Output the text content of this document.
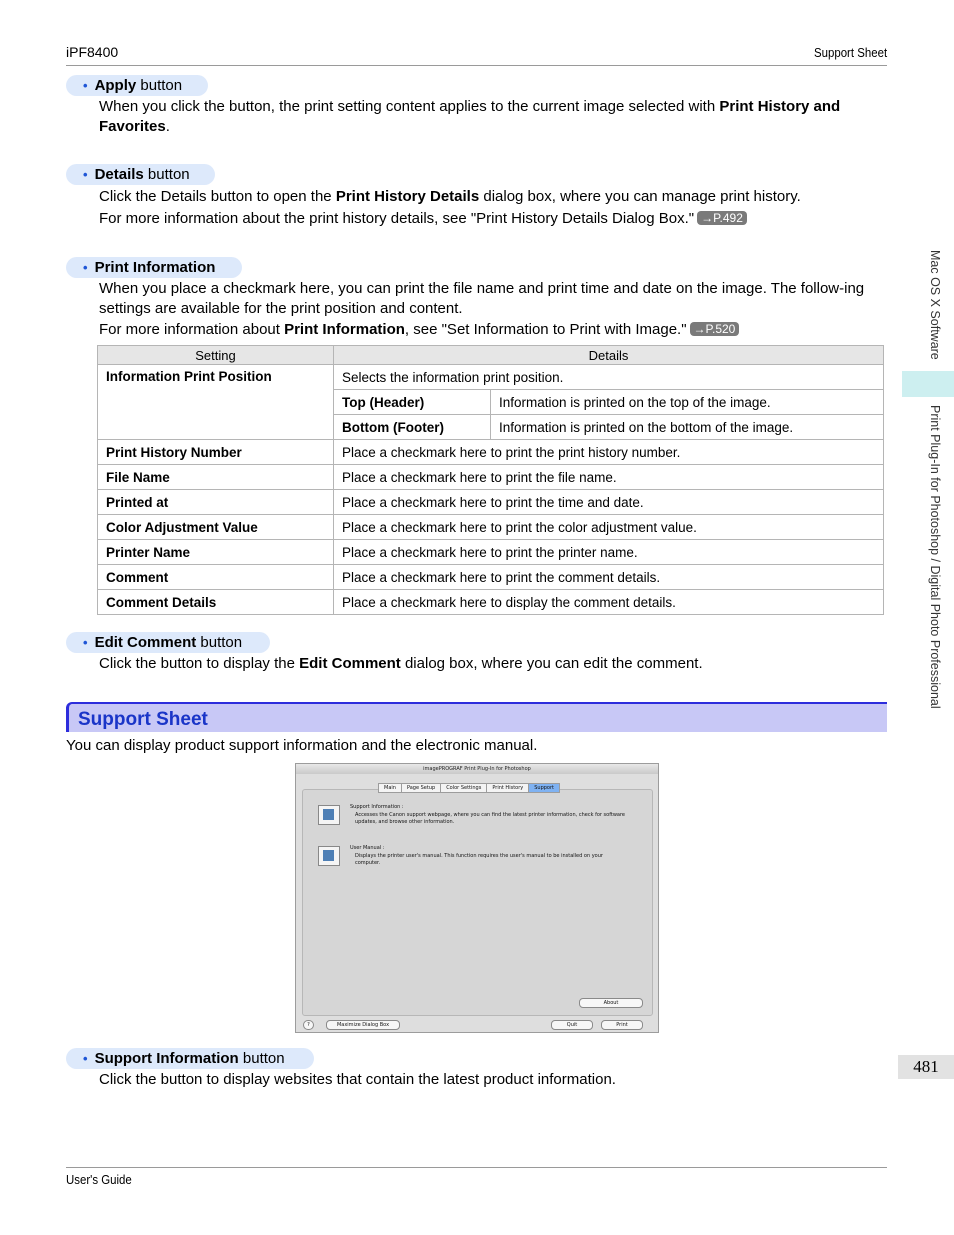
iPF8400	Support Sheet
User's Guide
Mac OS X Software
Print Plug-In for Photoshop / Digital Photo Professional
481
• Apply button
When you click the button, the print setting content applies to the current image selected with Print History and Favorites.
• Details button
Click the Details button to open the Print History Details dialog box, where you can manage print history.
For more information about the print history details, see "Print History Details Dialog Box." →P.492
• Print Information
When you place a checkmark here, you can print the file name and print time and date on the image. The follow-ing settings are available for the print position and content.
For more information about Print Information, see "Set Information to Print with Image." →P.520
Setting	Details	
Information Print Position	Selects the information print position.	
	Top (Header)	Information is printed on the top of the image.
	Bottom (Footer)	Information is printed on the bottom of the image.
Print History Number	Place a checkmark here to print the print history number.	
File Name	Place a checkmark here to print the file name.	
Printed at	Place a checkmark here to print the time and date.	
Color Adjustment Value	Place a checkmark here to print the color adjustment value.	
Printer Name	Place a checkmark here to print the printer name.	
Comment	Place a checkmark here to print the comment details.	
Comment Details	Place a checkmark here to display the comment details.	
• Edit Comment button
Click the button to display the Edit Comment dialog box, where you can edit the comment.
Support Sheet
You can display product support information and the electronic manual.
imagePROGRAF Print Plug-In for Photoshop
Support Information :
Accesses the Canon support webpage, where you can find the latest printer information, check for software updates, and browse other information.
User Manual :
Displays the printer user's manual. This function requires the user's manual to be installed on your computer.
About
Main	Page Setup	Color Settings	Print History	Support
?	Maximize Dialog Box	Quit	Print
• Support Information button
Click the button to display websites that contain the latest product information.
